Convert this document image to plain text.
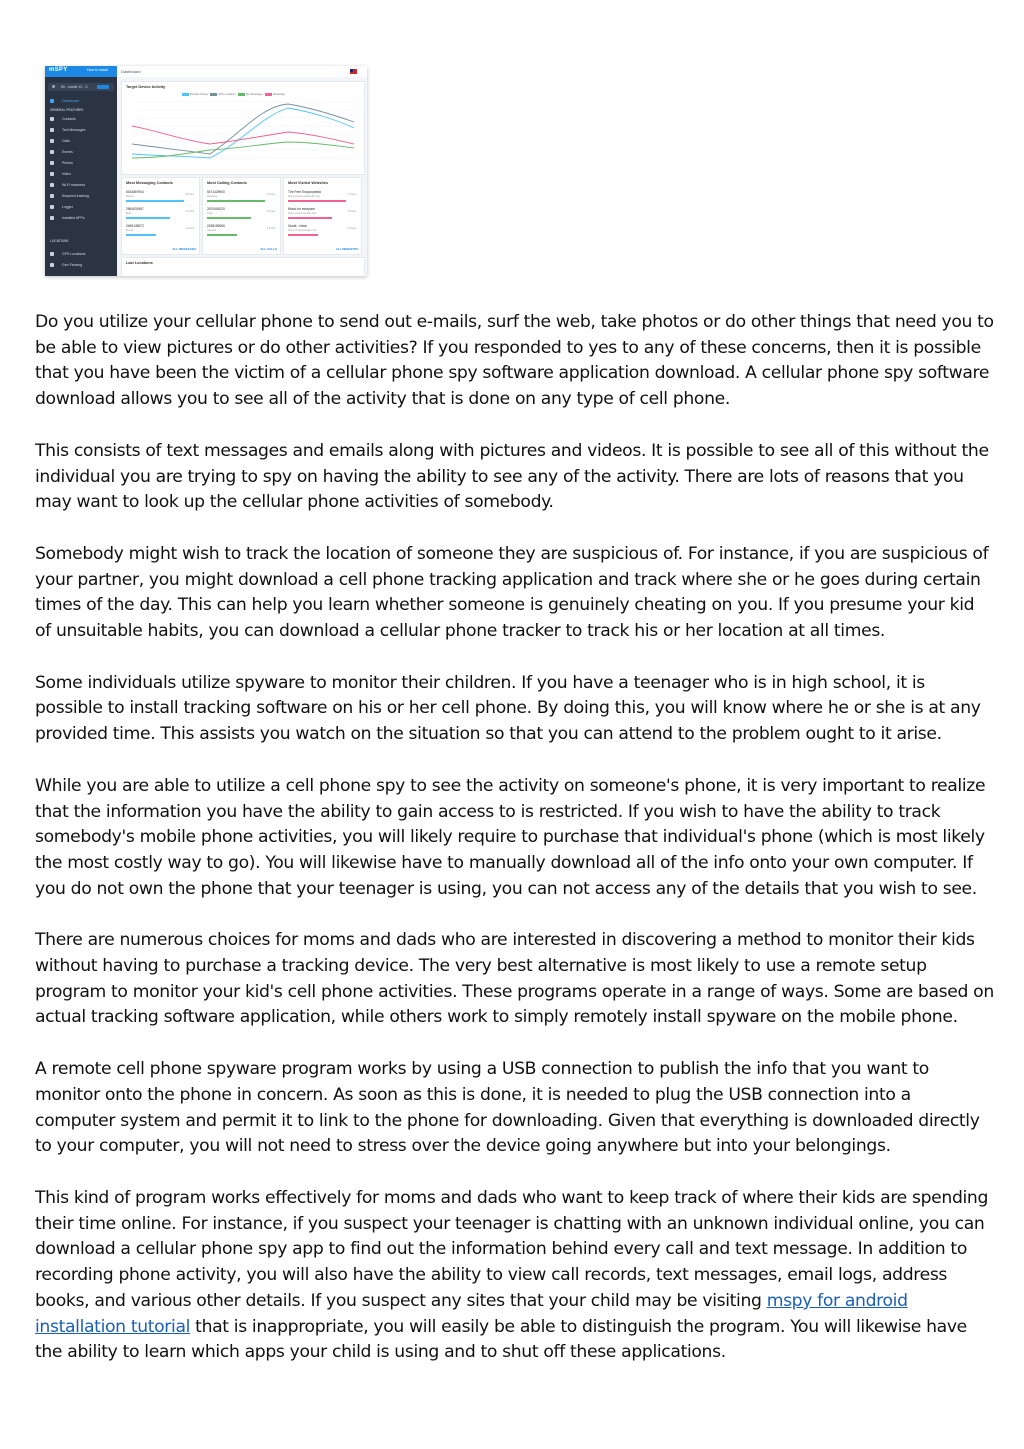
mSPY	How to install
Mi - model 12 - S
Dashboard
GENERAL FEATURES
Contacts
Text Messages
Calls
Events
Photos
Video
Wi-Fi networks
Keyword tracking
Logger
Installed APPs
LOCATIONS
GPS Locations
Geo Fencing
Dashboard
Target Device Activity
Browser History	GPS Locations	Text Messages	WhatsApp
Most Messaging Contacts
5434857944
Nancy	8 times
2964531967
Max	6 times
2465145572
Maria	4 times
ALL MESSAGES
Most Calling Contacts
5471429900
Bethany	6 times
2670449120
Cole	5 times
2438159065
Jessica	3 times
ALL CALLS
Most Visited Websites
The Free Encyclopedia
https://www.wikipedia.org	7 times
Music for everyone
https://www.spotify.com	5 times
Gmail - Inbox
https://mail.google.com	4 times
ALL WEBSITES
Last Locations

Do you utilize your cellular phone to send out e-mails, surf the web, take photos or do other things that need you to be able to view pictures or do other activities? If you responded to yes to any of these concerns, then it is possible that you have been the victim of a cellular phone spy software application download. A cellular phone spy software download allows you to see all of the activity that is done on any type of cell phone.

This consists of text messages and emails along with pictures and videos. It is possible to see all of this without the individual you are trying to spy on having the ability to see any of the activity. There are lots of reasons that you may want to look up the cellular phone activities of somebody.

Somebody might wish to track the location of someone they are suspicious of. For instance, if you are suspicious of your partner, you might download a cell phone tracking application and track where she or he goes during certain times of the day. This can help you learn whether someone is genuinely cheating on you. If you presume your kid of unsuitable habits, you can download a cellular phone tracker to track his or her location at all times.

Some individuals utilize spyware to monitor their children. If you have a teenager who is in high school, it is possible to install tracking software on his or her cell phone. By doing this, you will know where he or she is at any provided time. This assists you watch on the situation so that you can attend to the problem ought to it arise.

While you are able to utilize a cell phone spy to see the activity on someone's phone, it is very important to realize that the information you have the ability to gain access to is restricted. If you wish to have the ability to track somebody's mobile phone activities, you will likely require to purchase that individual's phone (which is most likely the most costly way to go). You will likewise have to manually download all of the info onto your own computer. If you do not own the phone that your teenager is using, you can not access any of the details that you wish to see.

There are numerous choices for moms and dads who are interested in discovering a method to monitor their kids without having to purchase a tracking device. The very best alternative is most likely to use a remote setup program to monitor your kid's cell phone activities. These programs operate in a range of ways. Some are based on actual tracking software application, while others work to simply remotely install spyware on the mobile phone.

A remote cell phone spyware program works by using a USB connection to publish the info that you want to monitor onto the phone in concern. As soon as this is done, it is needed to plug the USB connection into a computer system and permit it to link to the phone for downloading. Given that everything is downloaded directly to your computer, you will not need to stress over the device going anywhere but into your belongings.

This kind of program works effectively for moms and dads who want to keep track of where their kids are spending their time online. For instance, if you suspect your teenager is chatting with an unknown individual online, you can download a cellular phone spy app to find out the information behind every call and text message. In addition to recording phone activity, you will also have the ability to view call records, text messages, email logs, address books, and various other details. If you suspect any sites that your child may be visiting mspy for android installation tutorial that is inappropriate, you will easily be able to distinguish the program. You will likewise have the ability to learn which apps your child is using and to shut off these applications.
